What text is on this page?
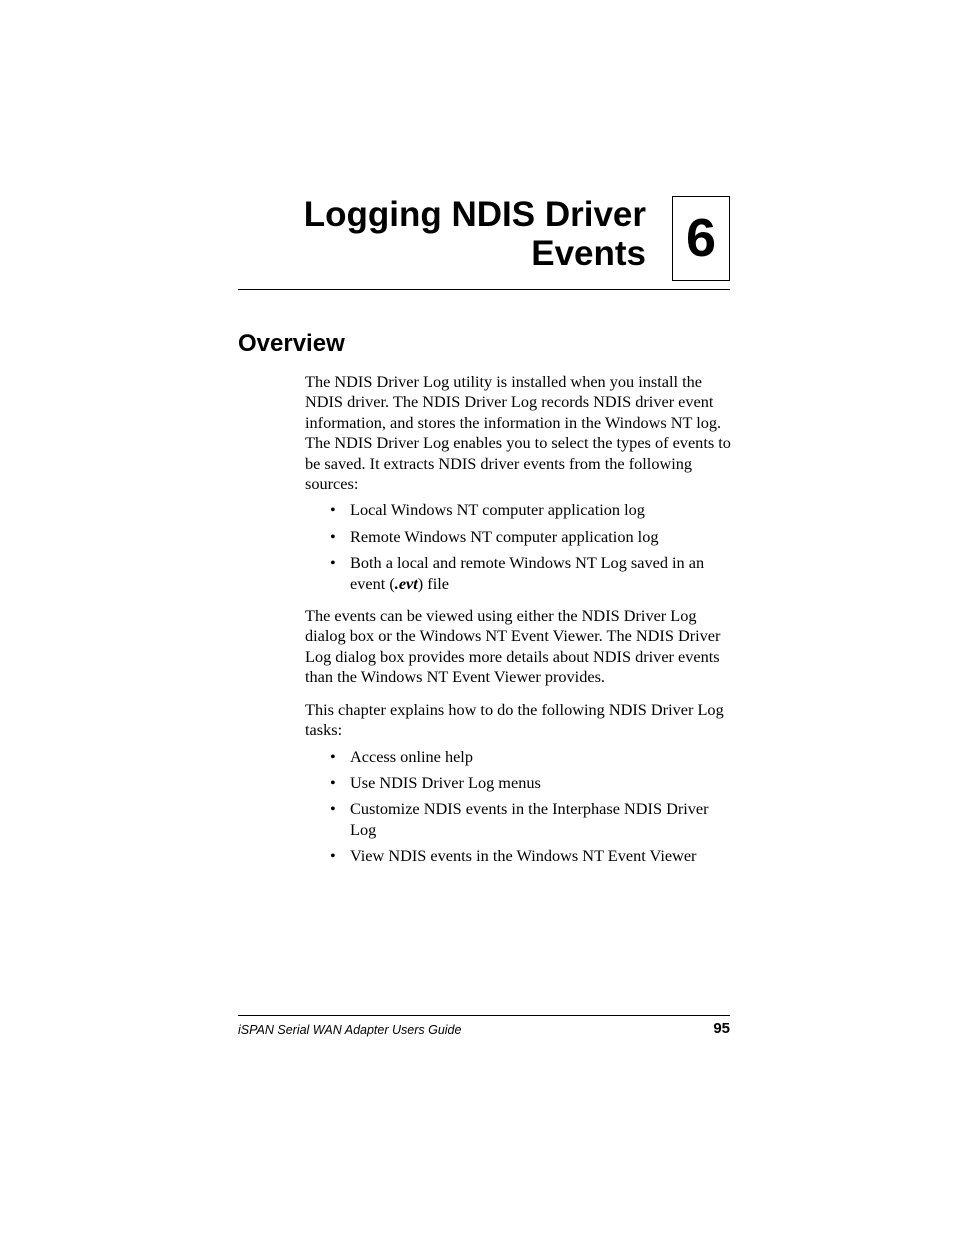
Logging NDIS Driver
Events 6
Overview

The NDIS Driver Log utility is installed when you install the NDIS driver. The NDIS Driver Log records NDIS driver event information, and stores the information in the Windows NT log. The NDIS Driver Log enables you to select the types of events to be saved. It extracts NDIS driver events from the following sources:

• Local Windows NT computer application log
• Remote Windows NT computer application log
• Both a local and remote Windows NT Log saved in an event (.evt) file

The events can be viewed using either the NDIS Driver Log dialog box or the Windows NT Event Viewer. The NDIS Driver Log dialog box provides more details about NDIS driver events than the Windows NT Event Viewer provides.

This chapter explains how to do the following NDIS Driver Log tasks:

• Access online help
• Use NDIS Driver Log menus
• Customize NDIS events in the Interphase NDIS Driver Log
• View NDIS events in the Windows NT Event Viewer
iSPAN Serial WAN Adapter Users Guide	95
